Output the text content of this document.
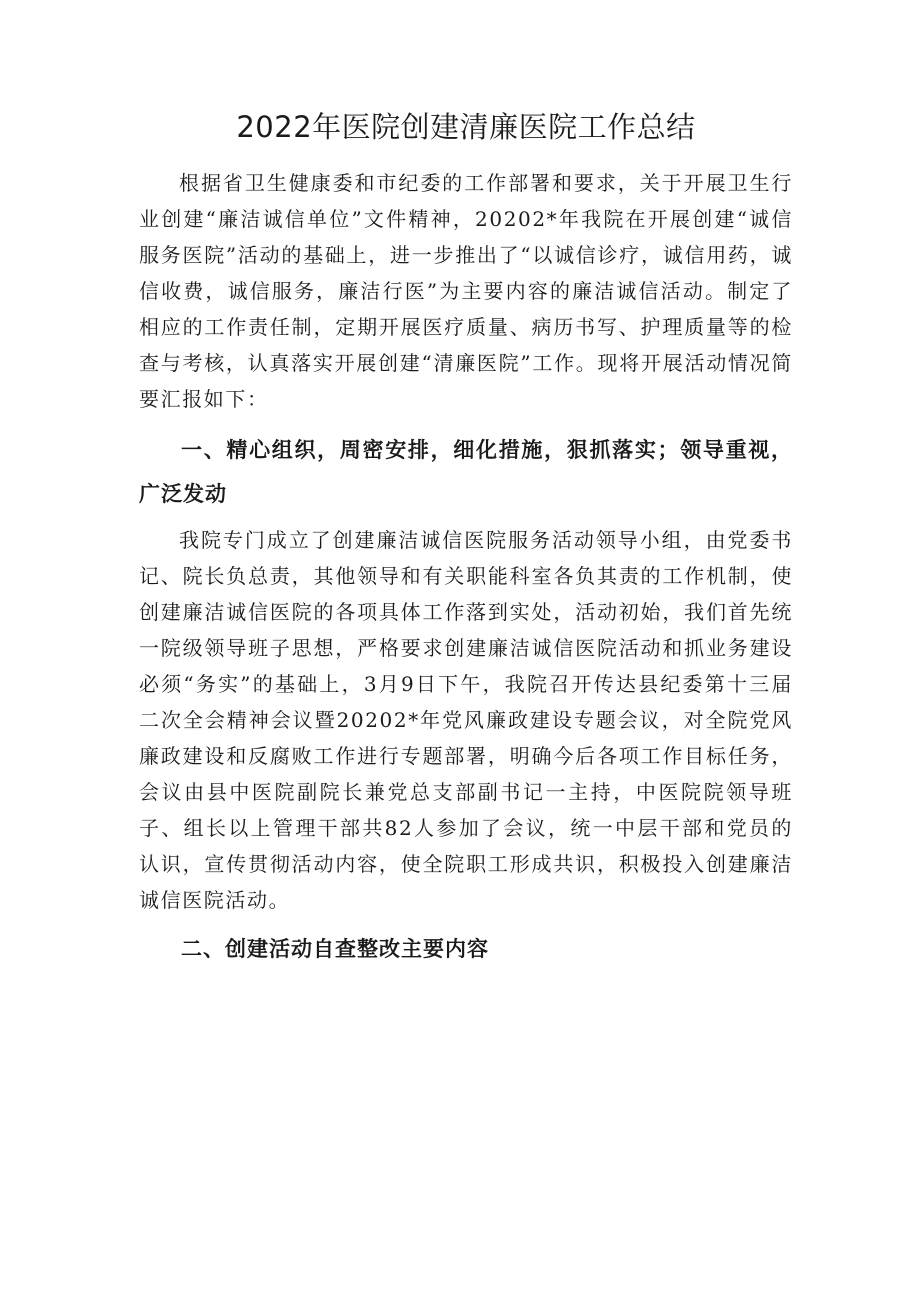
2022年医院创建清廉医院工作总结

根据省卫生健康委和市纪委的工作部署和要求，关于开展卫生行业创建“廉洁诚信单位”文件精神，20202*年我院在开展创建“诚信服务医院”活动的基础上，进一步推出了“以诚信诊疗，诚信用药，诚信收费，诚信服务，廉洁行医”为主要内容的廉洁诚信活动。制定了相应的工作责任制，定期开展医疗质量、病历书写、护理质量等的检查与考核，认真落实开展创建“清廉医院”工作。现将开展活动情况简要汇报如下：

一、精心组织，周密安排，细化措施，狠抓落实；领导重视，广泛发动

我院专门成立了创建廉洁诚信医院服务活动领导小组，由党委书记、院长负总责，其他领导和有关职能科室各负其责的工作机制，使创建廉洁诚信医院的各项具体工作落到实处，活动初始，我们首先统一院级领导班子思想，严格要求创建廉洁诚信医院活动和抓业务建设必须“务实”的基础上，3月9日下午，我院召开传达县纪委第十三届二次全会精神会议暨20202*年党风廉政建设专题会议，对全院党风廉政建设和反腐败工作进行专题部署，明确今后各项工作目标任务，会议由县中医院副院长兼党总支部副书记一主持，中医院院领导班子、组长以上管理干部共82人参加了会议，统一中层干部和党员的认识，宣传贯彻活动内容，使全院职工形成共识，积极投入创建廉洁诚信医院活动。

二、创建活动自查整改主要内容
